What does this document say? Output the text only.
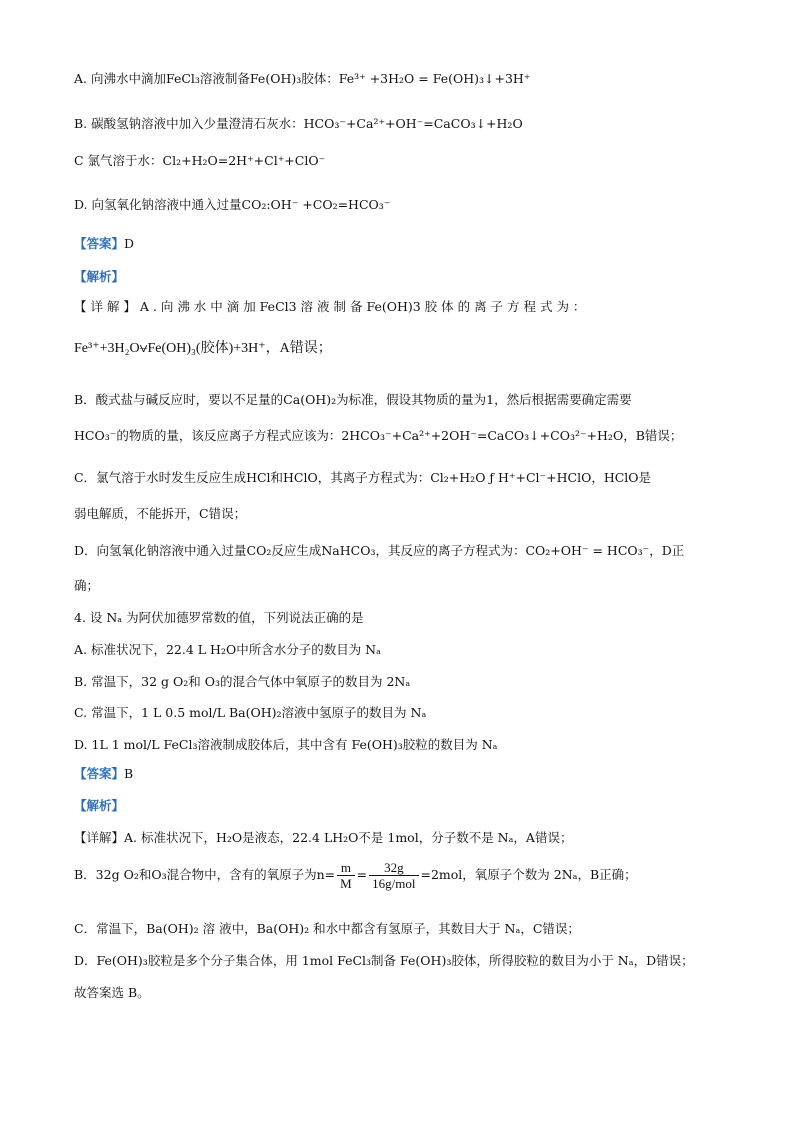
A. 向沸水中滴加FeCl₃溶液制备Fe(OH)₃胶体：Fe³⁺ +3H₂O = Fe(OH)₃↓+3H⁺
B. 碳酸氢钠溶液中加入少量澄清石灰水：HCO₃⁻+Ca²⁺+OH⁻=CaCO₃↓+H₂O
C 氯气溶于水：Cl₂+H₂O=2H⁺+Cl⁺+ClO⁻
D. 向氢氧化钠溶液中通入过量CO₂:OH⁻ +CO₂=HCO₃⁻
【答案】D
【解析】
【 详 解 】 A . 向 沸 水 中 滴 加 FeCl3 溶 液 制 备 Fe(OH)3 胶 体 的 离 子 方 程 式 为 ：
Fe³⁺+3H₂O⩝Fe(OH)₃(胶体)+3H⁺，A错误；
B．酸式盐与碱反应时，要以不足量的Ca(OH)₂为标准，假设其物质的量为1，然后根据需要确定需要
HCO₃⁻的物质的量，该反应离子方程式应该为：2HCO₃⁻+Ca²⁺+2OH⁻=CaCO₃↓+CO₃²⁻+H₂O，B错误；
C．氯气溶于水时发生反应生成HCl和HClO，其离子方程式为：Cl₂+H₂O ƒ H⁺+Cl⁻+HClO，HClO是
弱电解质，不能拆开，C错误；
D．向氢氧化钠溶液中通入过量CO₂反应生成NaHCO₃，其反应的离子方程式为：CO₂+OH⁻ = HCO₃⁻，D正
确；
4. 设 Nₐ 为阿伏加德罗常数的值，下列说法正确的是
A. 标准状况下，22.4 L H₂O中所含水分子的数目为 Nₐ
B. 常温下，32 g O₂和 O₃的混合气体中氧原子的数目为 2Nₐ
C. 常温下，1 L 0.5 mol/L Ba(OH)₂溶液中氢原子的数目为 Nₐ
D. 1L 1 mol/L FeCl₃溶液制成胶体后，其中含有 Fe(OH)₃胶粒的数目为 Nₐ
【答案】B
【解析】
【详解】A. 标准状况下，H₂O是液态，22.4 LH₂O不是 1mol，分子数不是 Nₐ，A错误；
B．32g O₂和O₃混合物中，含有的氧原子为$n= \frac{m}{M} = \frac{32g}{\text{16g/mol}} =2mol$，氧原子个数为 2Nₐ，B正确；
C．常温下，Ba(OH)₂ 溶 液中，Ba(OH)₂ 和水中都含有氢原子，其数目大于 Nₐ，C错误；
D．Fe(OH)₃胶粒是多个分子集合体，用 1mol FeCl₃制备 Fe(OH)₃胶体，所得胶粒的数目为小于 Nₐ，D错误；
故答案选 B。
